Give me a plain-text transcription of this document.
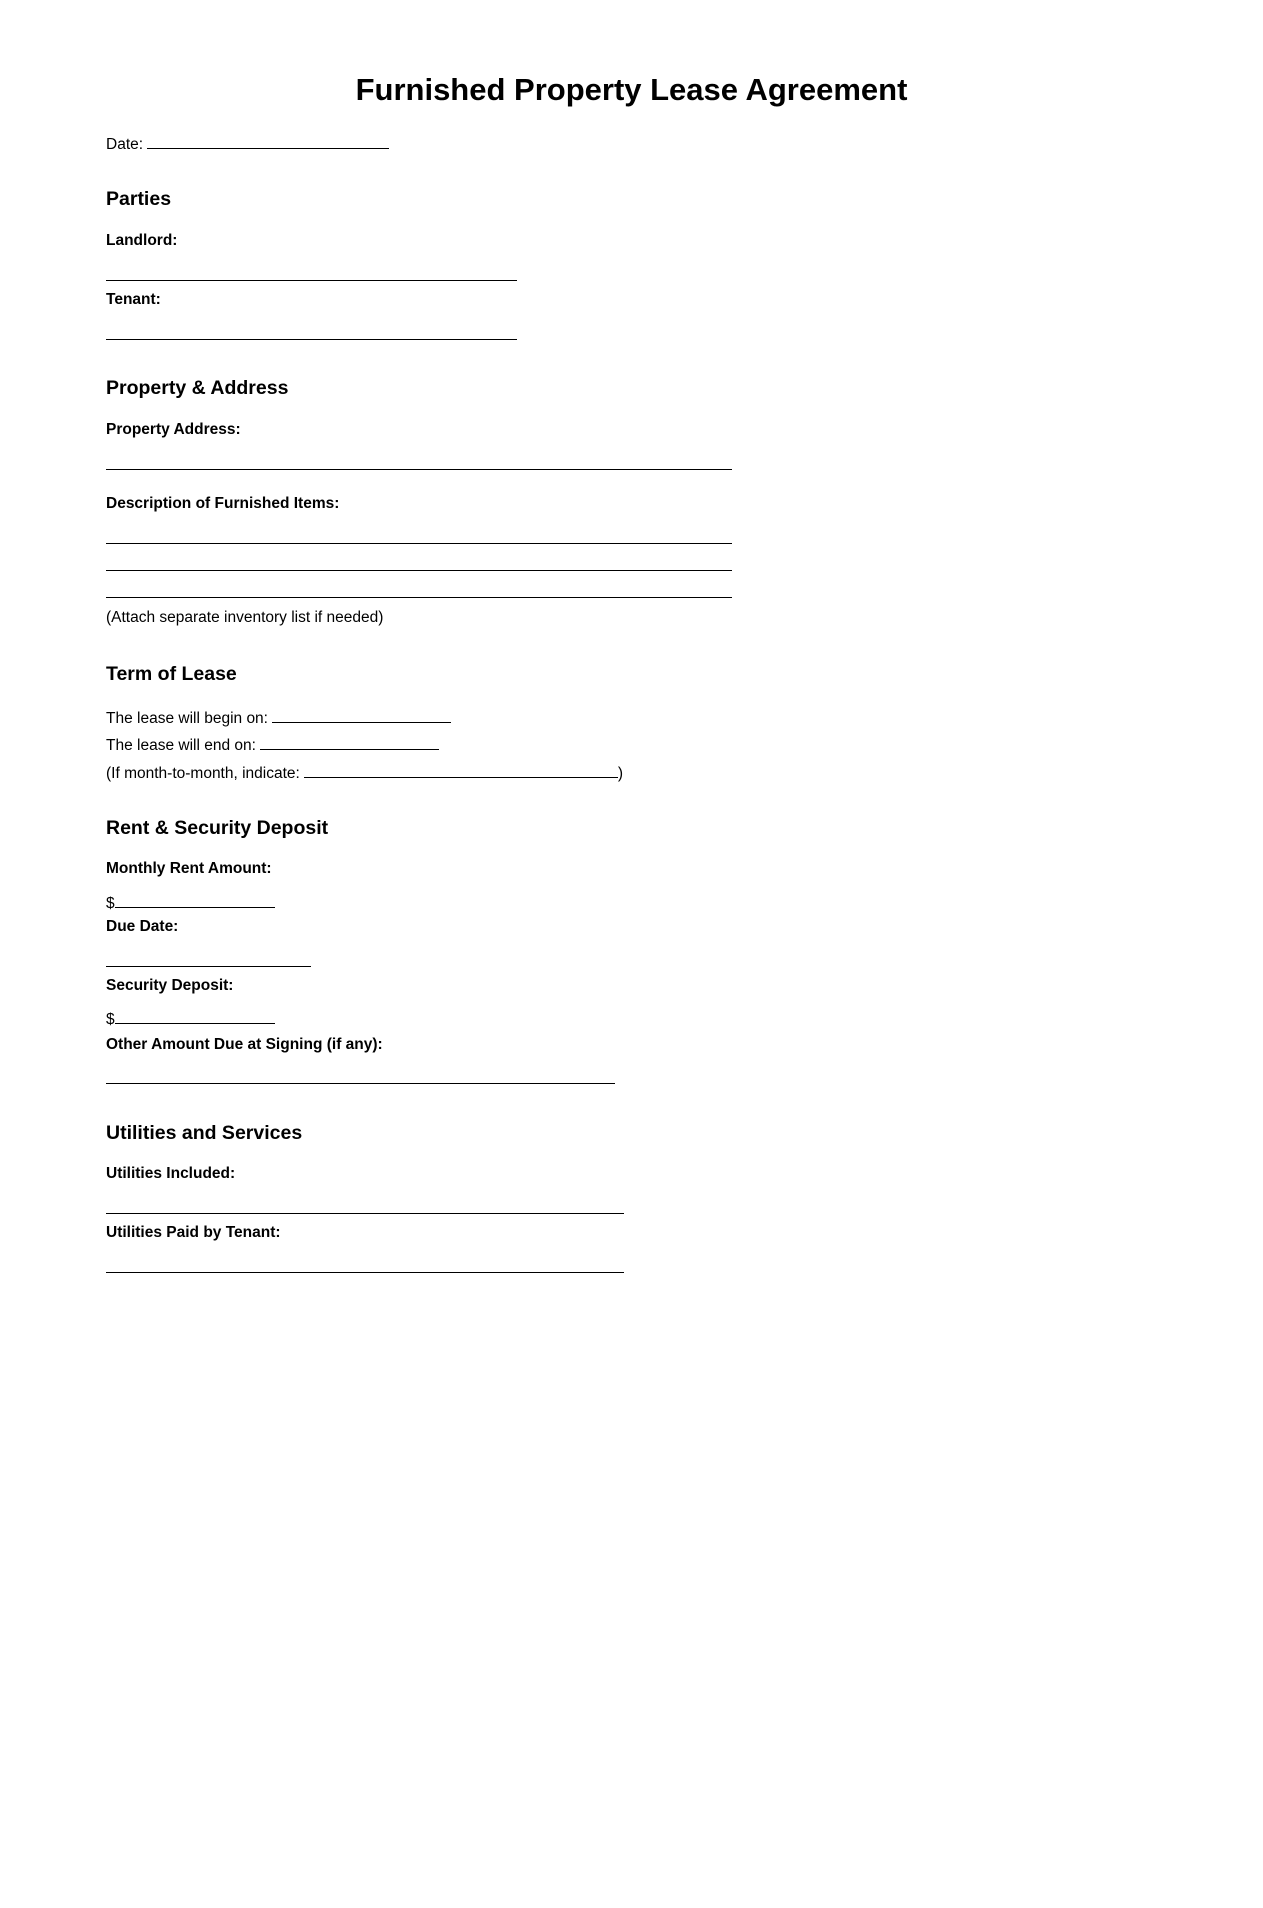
Furnished Property Lease Agreement
Date:
Parties
Landlord:
Tenant:
Property & Address
Property Address:
Description of Furnished Items:
(Attach separate inventory list if needed)
Term of Lease
The lease will begin on:
The lease will end on:
(If month-to-month, indicate:	)
Rent & Security Deposit
Monthly Rent Amount:
$
Due Date:
Security Deposit:
$
Other Amount Due at Signing (if any):
Utilities and Services
Utilities Included:
Utilities Paid by Tenant:
